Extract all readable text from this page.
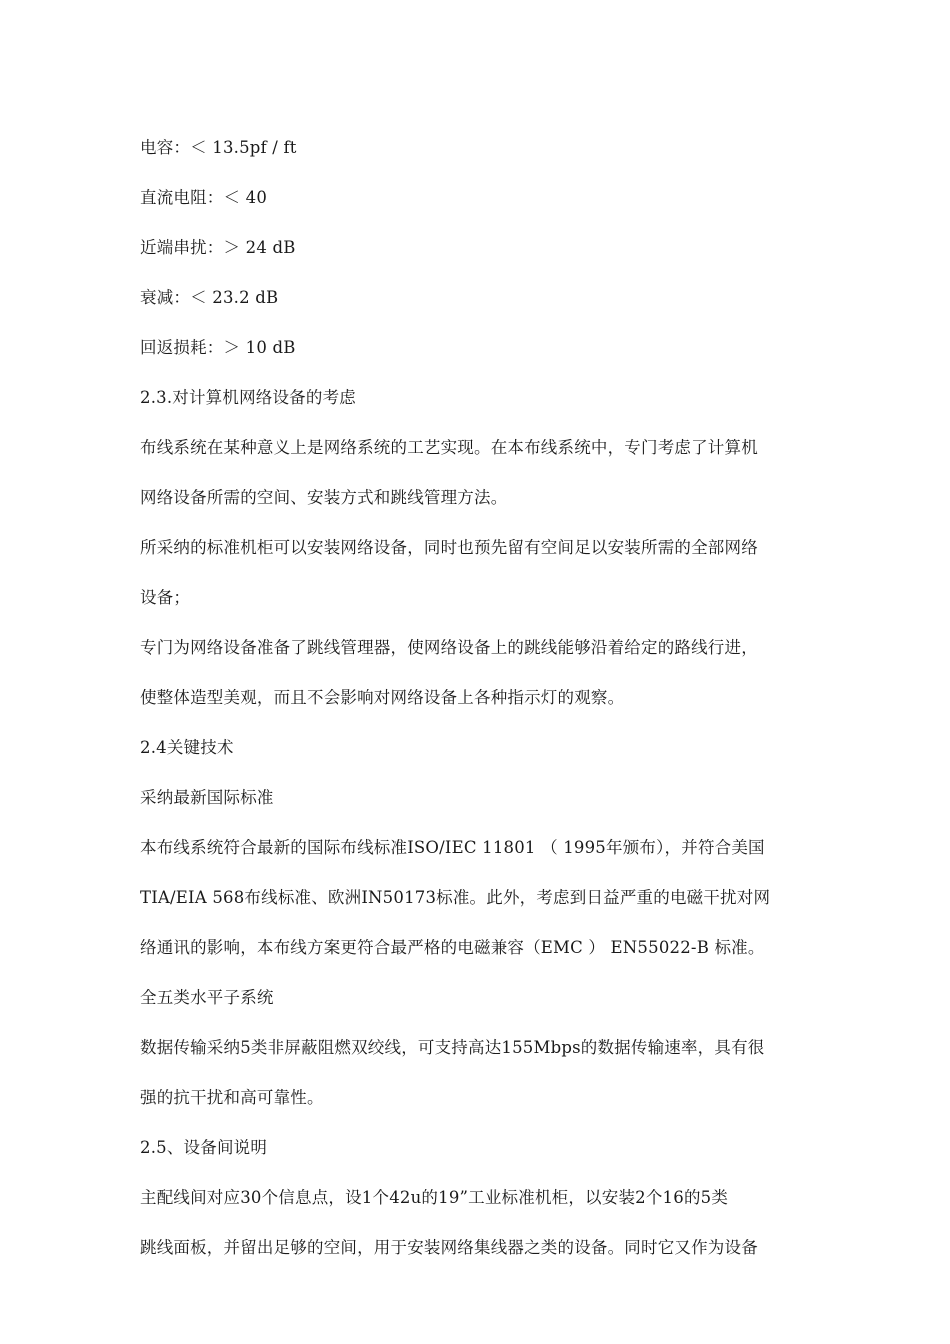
电容：＜ 13.5pf / ft
直流电阻：＜ 40
近端串扰：＞ 24 dB
衰减：＜ 23.2 dB
回返损耗：＞ 10 dB
2.3.对计算机网络设备的考虑
布线系统在某种意义上是网络系统的工艺实现。在本布线系统中，专门考虑了计算机
网络设备所需的空间、安装方式和跳线管理方法。
所采纳的标准机柜可以安装网络设备，同时也预先留有空间足以安装所需的全部网络
设备；
专门为网络设备准备了跳线管理器，使网络设备上的跳线能够沿着给定的路线行进，
使整体造型美观，而且不会影响对网络设备上各种指示灯的观察。
2.4关键技术
采纳最新国际标准
本布线系统符合最新的国际布线标准ISO/IEC 11801 （ 1995年颁布），并符合美国
TIA/EIA 568布线标准、欧洲IN50173标准。此外，考虑到日益严重的电磁干扰对网
络通讯的影响，本布线方案更符合最严格的电磁兼容（EMC ） EN55022-B 标准。
全五类水平子系统
数据传输采纳5类非屏蔽阻燃双绞线，可支持高达155Mbps的数据传输速率，具有很
强的抗干扰和高可靠性。
2.5、设备间说明
主配线间对应30个信息点，设1个42u的19”工业标准机柜，以安装2个16的5类
跳线面板，并留出足够的空间，用于安装网络集线器之类的设备。同时它又作为设备
